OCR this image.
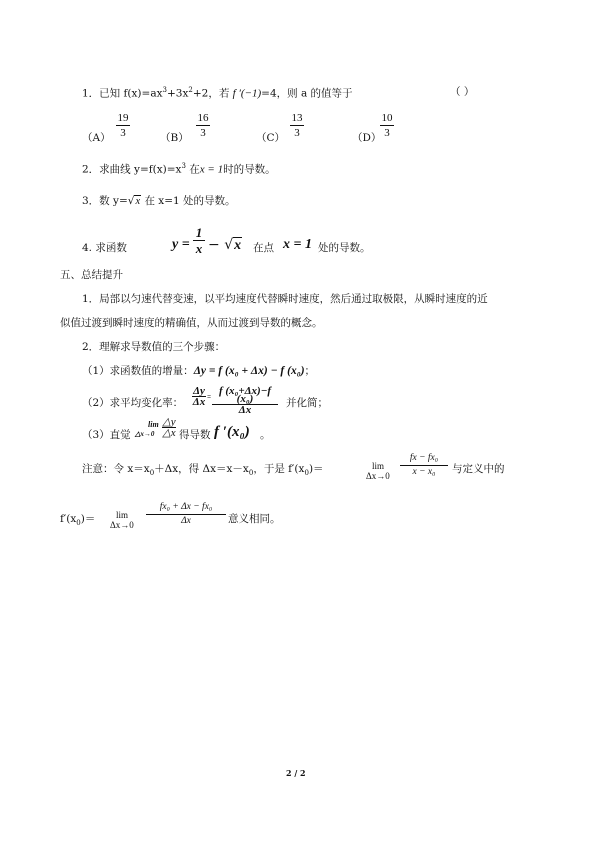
1．已知 $f(x)=ax^3+3x^2+2$，若 f ′(−1)=4，则 a 的值等于	（ ）
（A）
19
3	（B）
16
3	（C）
13
3	（D）
10
3
2．求曲线 $y=f(x)=x^3$ 在x = 1时的导数。
3．数 y=√x 在 x=1 处的导数。
4. 求函数	y =
1
x − √x 在点 x = 1 处的导数。
五、总结提升
1．局部以匀速代替变速，以平均速度代替瞬时速度，然后通过取极限，从瞬时速度的近
似值过渡到瞬时速度的精确值，从而过渡到导数的概念。
2．理解求导数值的三个步骤：
（1）求函数值的增量：Δy = f (x₀ + Δx) − f (x₀)；
（2）求平均变化率：
Δy
Δx = f (x₀+Δx)−f (x₀)
Δx
并化简；
（3）直觉
lim
△x→0
△y
△x 得导数 f ′(x₀) 。
注意：令 $x=x_0+\Delta x$，得 $\Delta x=x-x_0$，于是 $f'(x_0)=$	lim
Δx→0
fx − fx₀
x − x₀	与定义中的
$f'(x_0)= \lim$
Δx→0
fx₀ + Δx − fx₀
Δx	意义相同。
2 / 2
